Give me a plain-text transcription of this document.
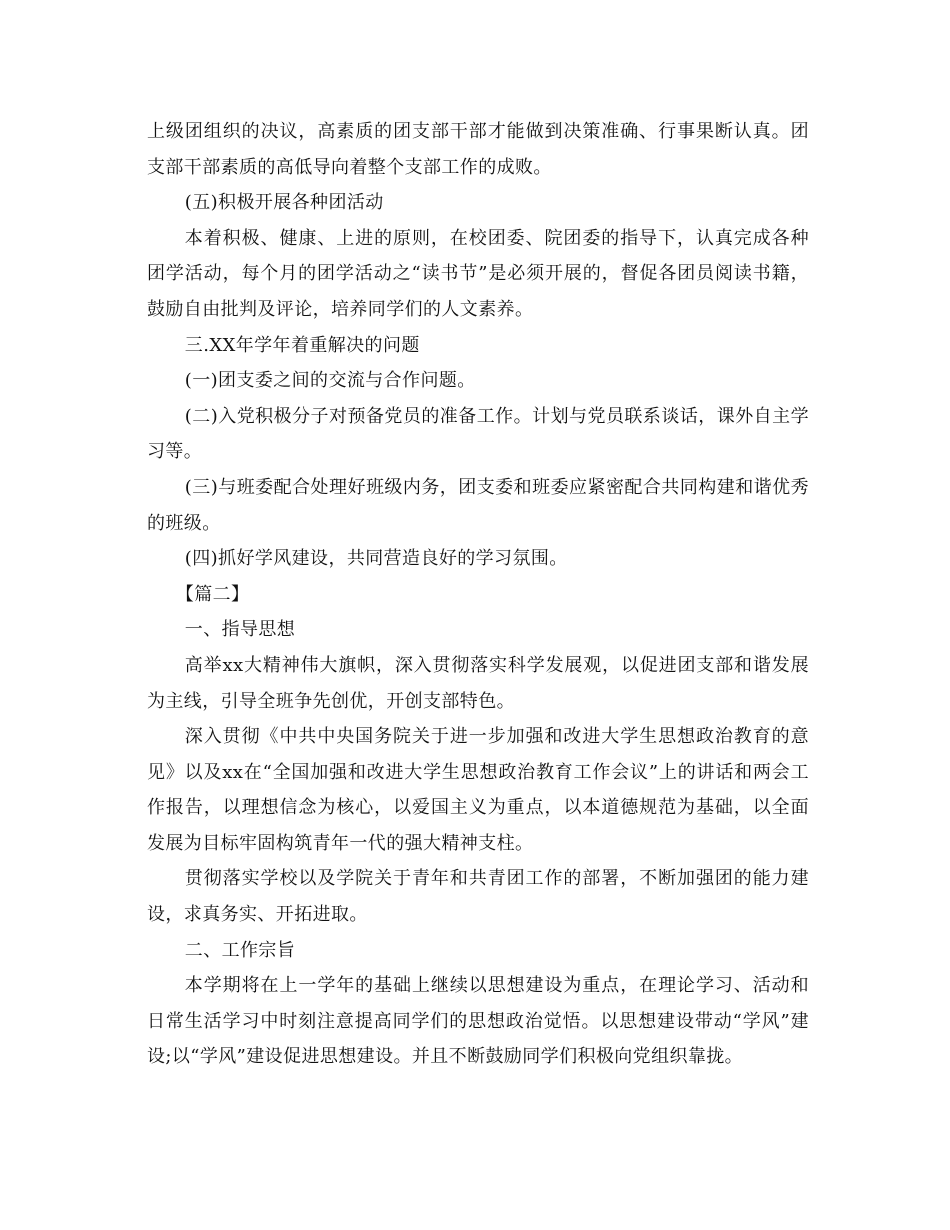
上级团组织的决议，高素质的团支部干部才能做到决策准确、行事果断认真。团支部干部素质的高低导向着整个支部工作的成败。

(五)积极开展各种团活动

本着积极、健康、上进的原则，在校团委、院团委的指导下，认真完成各种团学活动，每个月的团学活动之“读书节”是必须开展的，督促各团员阅读书籍，鼓励自由批判及评论，培养同学们的人文素养。

三.XX年学年着重解决的问题

(一)团支委之间的交流与合作问题。

(二)入党积极分子对预备党员的准备工作。计划与党员联系谈话，课外自主学习等。

(三)与班委配合处理好班级内务，团支委和班委应紧密配合共同构建和谐优秀的班级。

(四)抓好学风建设，共同营造良好的学习氛围。

【篇二】

一、指导思想

高举xx大精神伟大旗帜，深入贯彻落实科学发展观，以促进团支部和谐发展为主线，引导全班争先创优，开创支部特色。

深入贯彻《中共中央国务院关于进一步加强和改进大学生思想政治教育的意见》以及xx在“全国加强和改进大学生思想政治教育工作会议”上的讲话和两会工作报告，以理想信念为核心，以爱国主义为重点，以本道德规范为基础，以全面发展为目标牢固构筑青年一代的强大精神支柱。

贯彻落实学校以及学院关于青年和共青团工作的部署，不断加强团的能力建设，求真务实、开拓进取。

二、工作宗旨

本学期将在上一学年的基础上继续以思想建设为重点，在理论学习、活动和日常生活学习中时刻注意提高同学们的思想政治觉悟。以思想建设带动“学风”建设;以“学风”建设促进思想建设。并且不断鼓励同学们积极向党组织靠拢。
